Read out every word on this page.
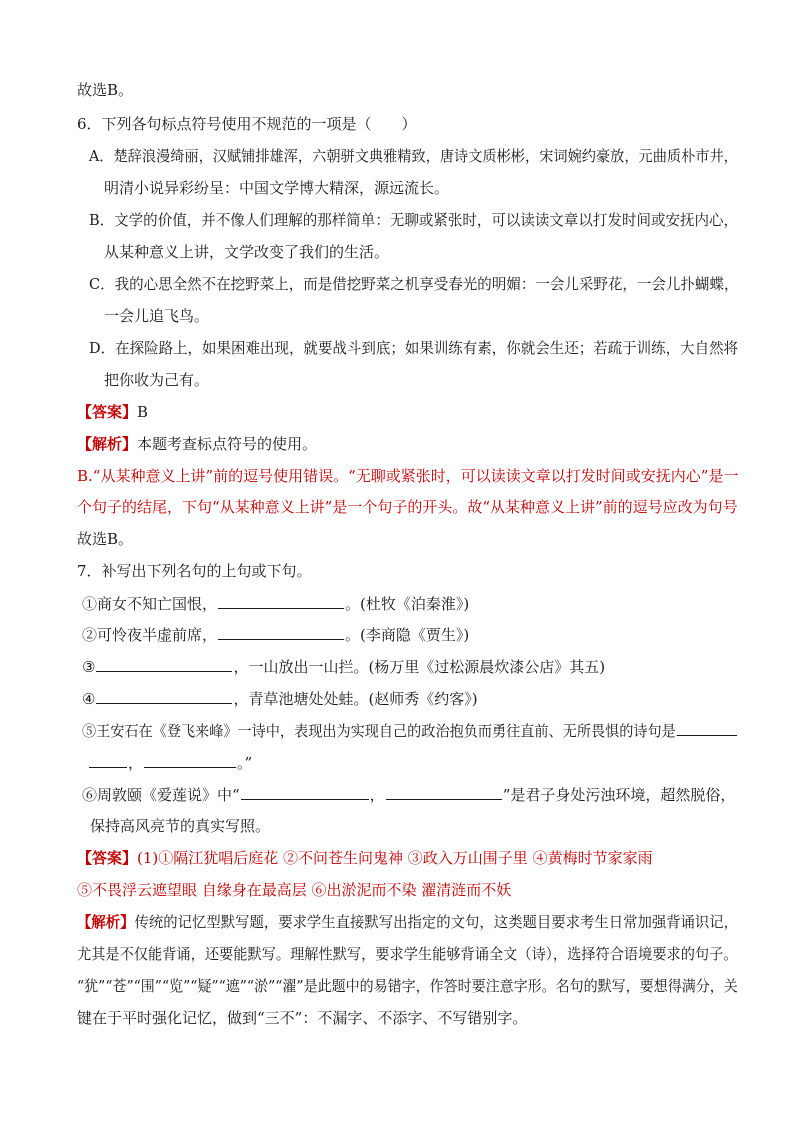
故选B。
6．下列各句标点符号使用不规范的一项是（　　）
A．楚辞浪漫绮丽，汉赋铺排雄浑，六朝骈文典雅精致，唐诗文质彬彬，宋词婉约豪放，元曲质朴市井，
明清小说异彩纷呈：中国文学博大精深，源远流长。
B．文学的价值，并不像人们理解的那样简单：无聊或紧张时，可以读读文章以打发时间或安抚内心，
从某种意义上讲，文学改变了我们的生活。
C．我的心思全然不在挖野菜上，而是借挖野菜之机享受春光的明媚：一会儿采野花，一会儿扑蝴蝶，
一会儿追飞鸟。
D．在探险路上，如果困难出现，就要战斗到底；如果训练有素，你就会生还；若疏于训练，大自然将
把你收为己有。
【答案】B
【解析】本题考查标点符号的使用。
B.“从某种意义上讲”前的逗号使用错误。“无聊或紧张时，可以读读文章以打发时间或安抚内心”是一
个句子的结尾，下句“从某种意义上讲”是一个句子的开头。故“从某种意义上讲”前的逗号应改为句号
故选B。
7．补写出下列名句的上句或下句。
①商女不知亡国恨，	。(杜牧《泊秦淮》)
②可怜夜半虚前席，	。(李商隐《贾生》)
③	，一山放出一山拦。(杨万里《过松源晨炊漆公店》其五)
④	，青草池塘处处蛙。(赵师秀《约客》)
⑤王安石在《登飞来峰》一诗中，表现出为实现自己的政治抱负而勇往直前、无所畏惧的诗句是
，	。”
⑥周敦颐《爱莲说》中“	，	”是君子身处污浊环境，超然脱俗，
保持高风亮节的真实写照。
【答案】(1)①隔江犹唱后庭花 ②不问苍生问鬼神 ③政入万山围子里 ④黄梅时节家家雨
⑤不畏浮云遮望眼 自缘身在最高层 ⑥出淤泥而不染 濯清涟而不妖
【解析】传统的记忆型默写题，要求学生直接默写出指定的文句，这类题目要求考生日常加强背诵识记，
尤其是不仅能背诵，还要能默写。理解性默写，要求学生能够背诵全文（诗），选择符合语境要求的句子。
“犹”“苍”“围”“览”“疑”“遮”“淤”“濯”是此题中的易错字，作答时要注意字形。名句的默写，要想得满分，关
键在于平时强化记忆，做到“三不”：不漏字、不添字、不写错别字。
